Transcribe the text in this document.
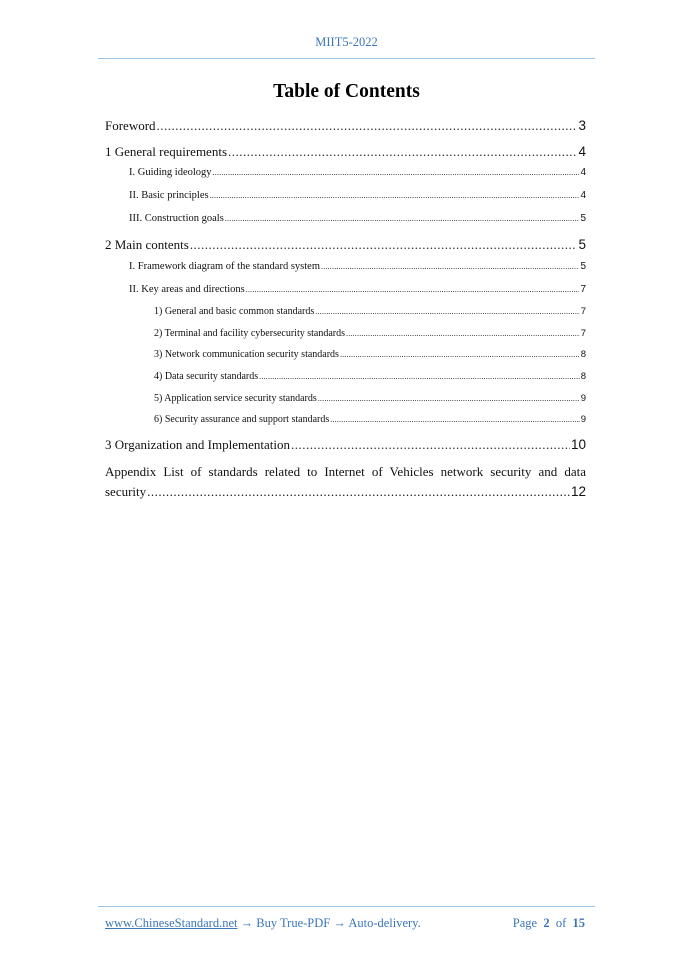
MIIT5-2022
Table of Contents
Foreword .....	3
1 General requirements .....	4
I. Guiding ideology .....	4
II. Basic principles .....	4
III. Construction goals .....	5
2 Main contents .....	5
I. Framework diagram of the standard system .....	5
II. Key areas and directions .....	7
1) General and basic common standards .....	7
2) Terminal and facility cybersecurity standards .....	7
3) Network communication security standards .....	8
4) Data security standards .....	8
5) Application service security standards .....	9
6) Security assurance and support standards .....	9
3 Organization and Implementation .....	10
Appendix List of standards related to Internet of Vehicles network security and data
security .....	12
www.ChineseStandard.net → Buy True-PDF → Auto-delivery.	Page 2 of 15
